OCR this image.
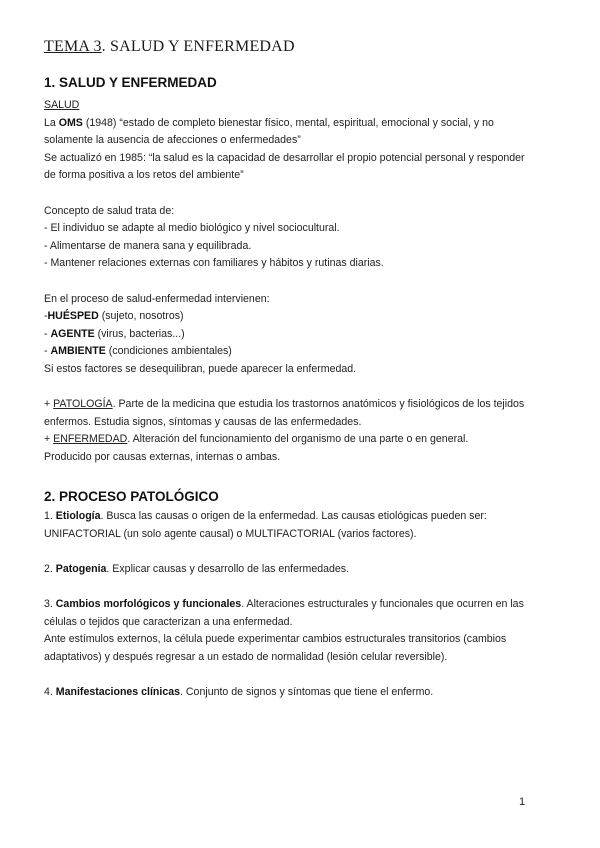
TEMA 3. SALUD Y ENFERMEDAD
1. SALUD Y ENFERMEDAD
SALUD
La OMS (1948) “estado de completo bienestar físico, mental, espiritual, emocional y social, y no
solamente la ausencia de afecciones o enfermedades”
Se actualizó en 1985: “la salud es la capacidad de desarrollar el propio potencial personal y responder
de forma positiva a los retos del ambiente”
Concepto de salud trata de:
- El individuo se adapte al medio biológico y nivel sociocultural.
- Alimentarse de manera sana y equilibrada.
- Mantener relaciones externas con familiares y hábitos y rutinas diarias.
En el proceso de salud-enfermedad intervienen:
-HUÉSPED (sujeto, nosotros)
- AGENTE (virus, bacterias...)
- AMBIENTE (condiciones ambientales)
Si estos factores se desequilibran, puede aparecer la enfermedad.
+ PATOLOGÍA. Parte de la medicina que estudia los trastornos anatómicos y fisiológicos de los tejidos
enfermos. Estudia signos, síntomas y causas de las enfermedades.
+ ENFERMEDAD. Alteración del funcionamiento del organismo de una parte o en general.
Producido por causas externas, internas o ambas.
2. PROCESO PATOLÓGICO
1. Etiología. Busca las causas o origen de la enfermedad. Las causas etiológicas pueden ser:
UNIFACTORIAL (un solo agente causal) o MULTIFACTORIAL (varios factores).
2. Patogenia. Explicar causas y desarrollo de las enfermedades.
3. Cambios morfológicos y funcionales. Alteraciones estructurales y funcionales que ocurren en las
células o tejidos que caracterizan a una enfermedad.
Ante estímulos externos, la célula puede experimentar cambios estructurales transitorios (cambios
adaptativos) y después regresar a un estado de normalidad (lesión celular reversible).
4. Manifestaciones clínicas. Conjunto de signos y síntomas que tiene el enfermo.
1
